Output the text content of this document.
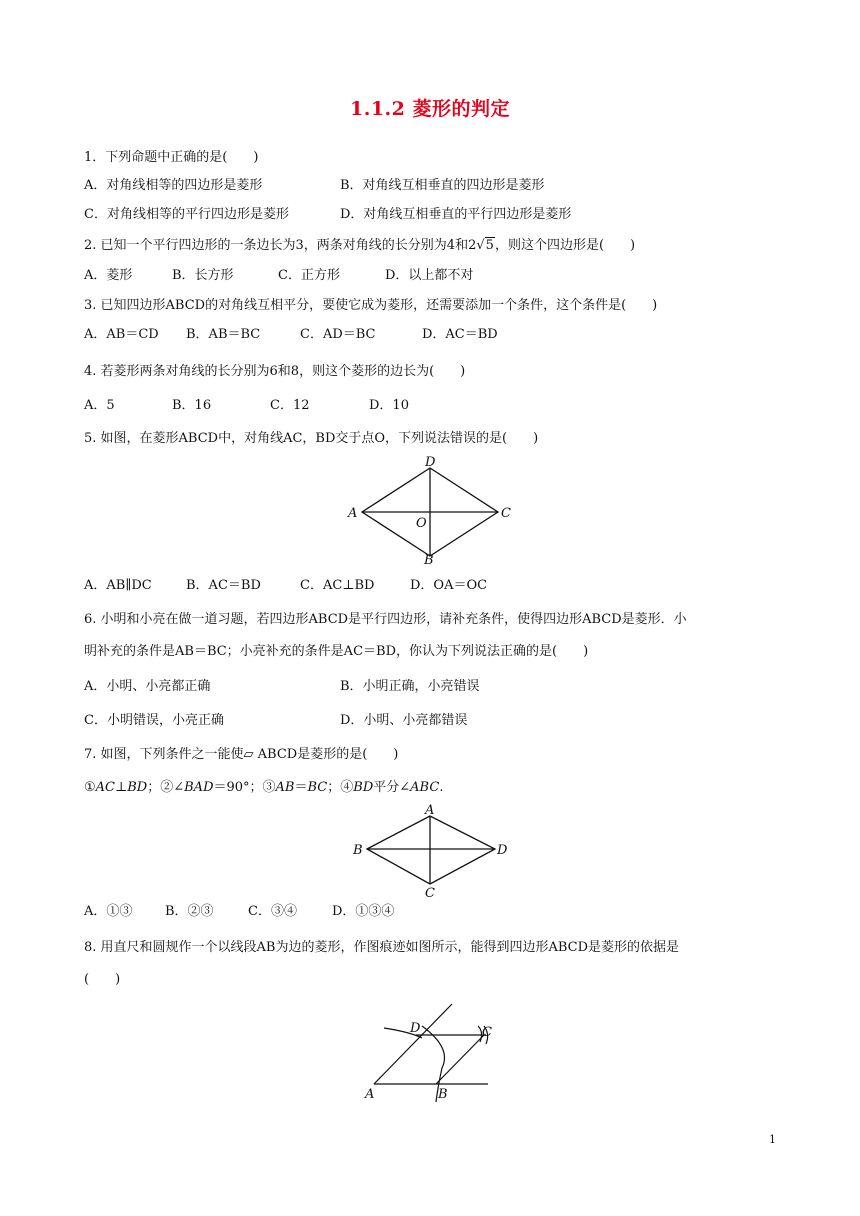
1.1.2 菱形的判定
1．下列命题中正确的是(　　)
A．对角线相等的四边形是菱形	B．对角线互相垂直的四边形是菱形
C．对角线相等的平行四边形是菱形	D．对角线互相垂直的平行四边形是菱形
2. 已知一个平行四边形的一条边长为3，两条对角线的长分别为4和2√5，则这个四边形是(　　)
A．菱形	B．长方形	C．正方形	D．以上都不对
3. 已知四边形ABCD的对角线互相平分，要使它成为菱形，还需要添加一个条件，这个条件是(　　)
A．AB＝CD B．AB＝BC	C．AD＝BC	D．AC＝BD
4. 若菱形两条对角线的长分别为6和8，则这个菱形的边长为(　　)
A．5	B．16	C．12	D．10
5. 如图，在菱形ABCD中，对角线AC，BD交于点O，下列说法错误的是(　　)
A
D
C
B
O
A．AB∥DC	B．AC＝BD	C．AC⊥BD	D．OA＝OC
6. 小明和小亮在做一道习题，若四边形ABCD是平行四边形，请补充条件，使得四边形ABCD是菱形．小
明补充的条件是AB＝BC；小亮补充的条件是AC＝BD，你认为下列说法正确的是(　　)
A．小明、小亮都正确	B．小明正确，小亮错误
C．小明错误，小亮正确	D．小明、小亮都错误
7. 如图，下列条件之一能使▱ ABCD是菱形的是(　　)
①AC⊥BD；②∠BAD＝90°；③AB＝BC；④BD平分∠ABC.
A
B	D
C
A．①③	B．②③	C．③④	D．①③④
8. 用直尺和圆规作一个以线段AB为边的菱形，作图痕迹如图所示，能得到四边形ABCD是菱形的依据是
(　　)
A	B
D	C
1
